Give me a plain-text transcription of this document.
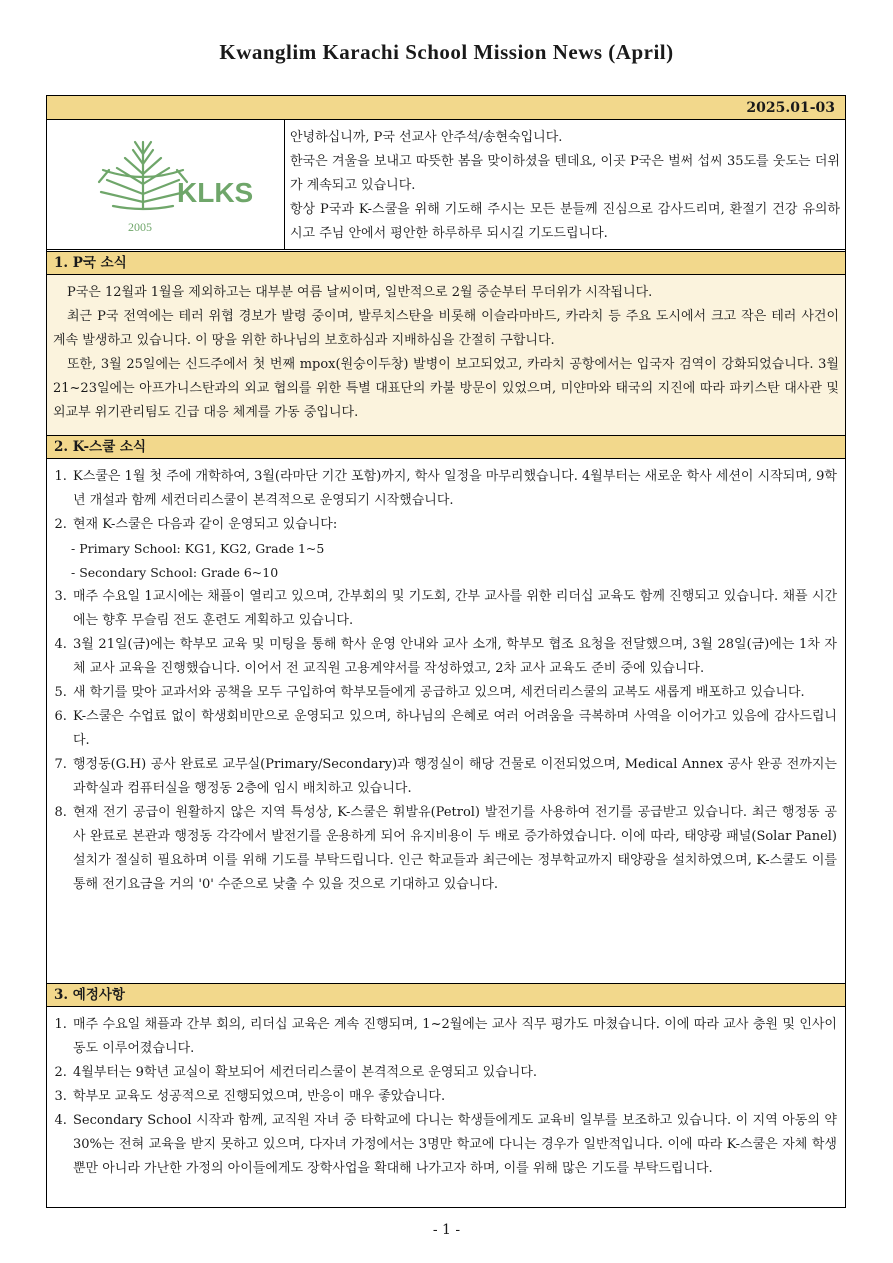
Kwanglim Karachi School Mission News (April)
2025.01-03
KLKS
2005

안녕하십니까, P국 선교사 안주석/송현숙입니다.

한국은 겨울을 보내고 따뜻한 봄을 맞이하셨을 텐데요, 이곳 P국은 벌써 섭씨 35도를 웃도는 더위가 계속되고 있습니다.

항상 P국과 K-스쿨을 위해 기도해 주시는 모든 분들께 진심으로 감사드리며, 환절기 건강 유의하시고 주님 안에서 평안한 하루하루 되시길 기도드립니다.

1. P국 소식

P국은 12월과 1월을 제외하고는 대부분 여름 날씨이며, 일반적으로 2월 중순부터 무더위가 시작됩니다.

최근 P국 전역에는 테러 위협 경보가 발령 중이며, 발루치스탄을 비롯해 이슬라마바드, 카라치 등 주요 도시에서 크고 작은 테러 사건이 계속 발생하고 있습니다. 이 땅을 위한 하나님의 보호하심과 지배하심을 간절히 구합니다.

또한, 3월 25일에는 신드주에서 첫 번째 mpox(원숭이두창) 발병이 보고되었고, 카라치 공항에서는 입국자 검역이 강화되었습니다. 3월 21~23일에는 아프가니스탄과의 외교 협의를 위한 특별 대표단의 카불 방문이 있었으며, 미얀마와 태국의 지진에 따라 파키스탄 대사관 및 외교부 위기관리팀도 긴급 대응 체계를 가동 중입니다.

2. K-스쿨 소식
1. K스쿨은 1월 첫 주에 개학하여, 3월(라마단 기간 포함)까지, 학사 일정을 마무리했습니다. 4월부터는 새로운 학사 세션이 시작되며, 9학년 개설과 함께 세컨더리스쿨이 본격적으로 운영되기 시작했습니다.
2. 현재 K-스쿨은 다음과 같이 운영되고 있습니다:
- Primary School: KG1, KG2, Grade 1~5
- Secondary School: Grade 6~10
3. 매주 수요일 1교시에는 채플이 열리고 있으며, 간부회의 및 기도회, 간부 교사를 위한 리더십 교육도 함께 진행되고 있습니다. 채플 시간에는 향후 무슬림 전도 훈련도 계획하고 있습니다.
4. 3월 21일(금)에는 학부모 교육 및 미팅을 통해 학사 운영 안내와 교사 소개, 학부모 협조 요청을 전달했으며, 3월 28일(금)에는 1차 자체 교사 교육을 진행했습니다. 이어서 전 교직원 고용계약서를 작성하였고, 2차 교사 교육도 준비 중에 있습니다.
5. 새 학기를 맞아 교과서와 공책을 모두 구입하여 학부모들에게 공급하고 있으며, 세컨더리스쿨의 교복도 새롭게 배포하고 있습니다.
6. K-스쿨은 수업료 없이 학생회비만으로 운영되고 있으며, 하나님의 은혜로 여러 어려움을 극복하며 사역을 이어가고 있음에 감사드립니다.
7. 행정동(G.H) 공사 완료로 교무실(Primary/Secondary)과 행정실이 해당 건물로 이전되었으며, Medical Annex 공사 완공 전까지는 과학실과 컴퓨터실을 행정동 2층에 임시 배치하고 있습니다.
8. 현재 전기 공급이 원활하지 않은 지역 특성상, K-스쿨은 휘발유(Petrol) 발전기를 사용하여 전기를 공급받고 있습니다. 최근 행정동 공사 완료로 본관과 행정동 각각에서 발전기를 운용하게 되어 유지비용이 두 배로 증가하였습니다. 이에 따라, 태양광 패널(Solar Panel) 설치가 절실히 필요하며 이를 위해 기도를 부탁드립니다. 인근 학교들과 최근에는 정부학교까지 태양광을 설치하였으며, K-스쿨도 이를 통해 전기요금을 거의 '0' 수준으로 낮출 수 있을 것으로 기대하고 있습니다.
3. 예정사항
1. 매주 수요일 채플과 간부 회의, 리더십 교육은 계속 진행되며, 1~2월에는 교사 직무 평가도 마쳤습니다. 이에 따라 교사 충원 및 인사이동도 이루어졌습니다.
2. 4월부터는 9학년 교실이 확보되어 세컨더리스쿨이 본격적으로 운영되고 있습니다.
3. 학부모 교육도 성공적으로 진행되었으며, 반응이 매우 좋았습니다.
4. Secondary School 시작과 함께, 교직원 자녀 중 타학교에 다니는 학생들에게도 교육비 일부를 보조하고 있습니다. 이 지역 아동의 약 30%는 전혀 교육을 받지 못하고 있으며, 다자녀 가정에서는 3명만 학교에 다니는 경우가 일반적입니다. 이에 따라 K-스쿨은 자체 학생뿐만 아니라 가난한 가정의 아이들에게도 장학사업을 확대해 나가고자 하며, 이를 위해 많은 기도를 부탁드립니다.
- 1 -
